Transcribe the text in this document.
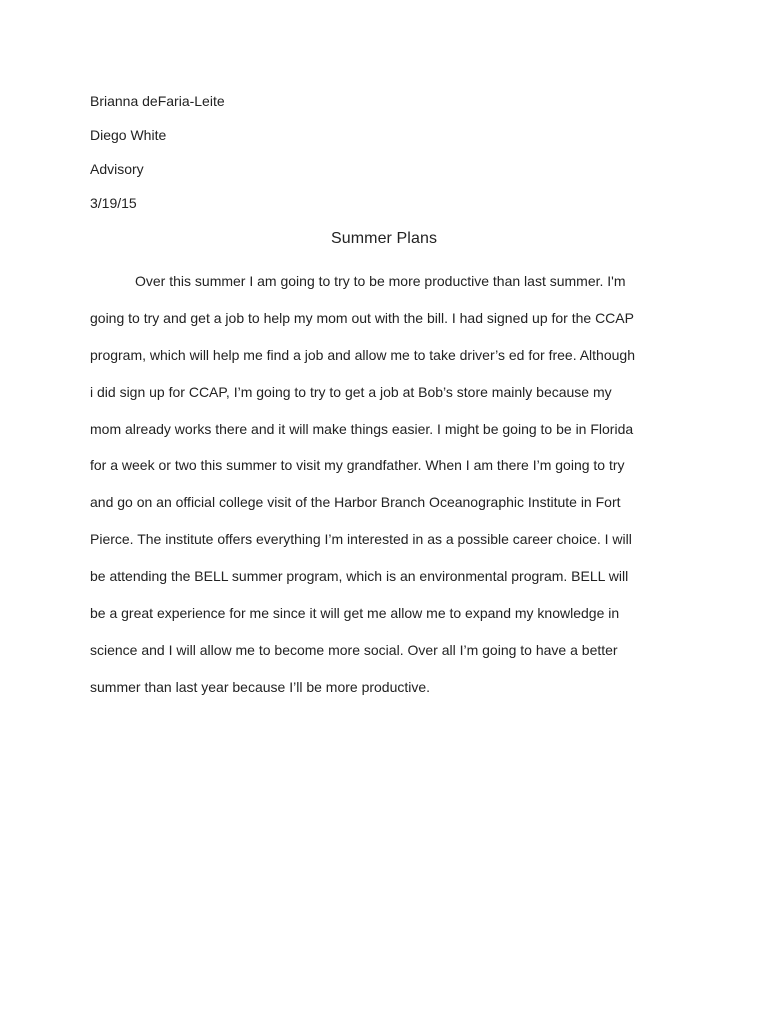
Brianna deFaria-Leite
Diego White
Advisory
3/19/15
Summer Plans
Over this summer I am going to try to be more productive than last summer. I'm
going to try and get a job to help my mom out with the bill. I had signed up for the CCAP
program, which will help me find a job and allow me to take driver’s ed for free. Although
i did sign up for CCAP, I’m going to try to get a job at Bob’s store mainly because my
mom already works there and it will make things easier. I might be going to be in Florida
for a week or two this summer to visit my grandfather. When I am there I’m going to try
and go on an official college visit of the Harbor Branch Oceanographic Institute in Fort
Pierce. The institute offers everything I’m interested in as a possible career choice. I will
be attending the BELL summer program, which is an environmental program. BELL will
be a great experience for me since it will get me allow me to expand my knowledge in
science and I will allow me to become more social. Over all I’m going to have a better
summer than last year because I’ll be more productive.
